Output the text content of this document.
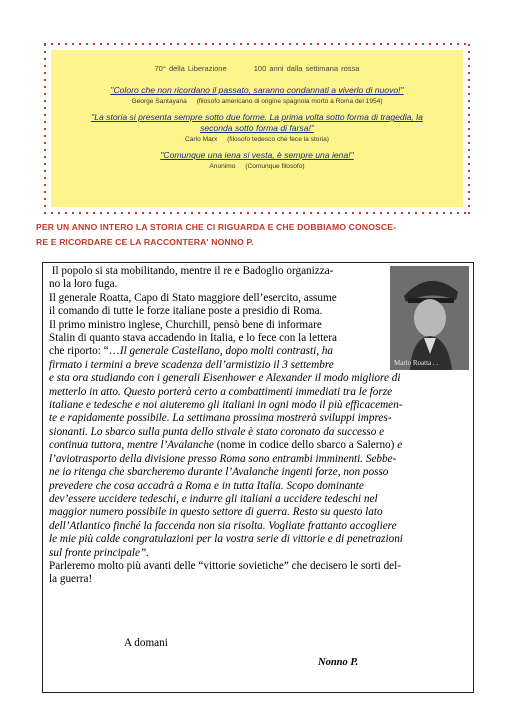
70° della Liberazione	100 anni dalla settimana rossa
"Coloro che non ricordano il passato, saranno condannati a viverlo di nuovo!"
George Santayana (filosofo americano di origine spagnola morto a Roma del 1954)
"La storia si presenta sempre sotto due forme. La prima volta sotto forma di tragedia, la
seconda sotto forma di farsa!"
Carlo Marx (filosofo tedesco che fece la storia)
"Comunque una iena si vesta, è sempre una iena!"
Anonimo (Comunque filosofo)
PER UN ANNO INTERO LA STORIA CHE CI RIGUARDA E CHE DOBBIAMO CONOSCE-
RE E RICORDARE CE LA RACCONTERA' NONNO P.
Mario Roatta . .

Il popolo si sta mobilitando, mentre il re e Badoglio organizza-

no la loro fuga.

Il generale Roatta, Capo di Stato maggiore dell’esercito, assume

il comando di tutte le forze italiane poste a presidio di Roma.

Il primo ministro inglese, Churchill, pensò bene di informare

Stalin di quanto stava accadendo in Italia, e lo fece con la lettera

che riporto: “…Il generale Castellano, dopo molti contrasti, ha

firmato i termini a breve scadenza dell’armistizio il 3 settembre

e sta ora studiando con i generali Eisenhower e Alexander il modo migliore di

metterlo in atto. Questo porterà certo a combattimenti immediati tra le forze

italiane e tedesche e noi aiuteremo gli italiani in ogni modo il più efficacemen-

te e rapidamente possibile. La settimana prossima mostrerà sviluppi impres-

sionanti. Lo sbarco sulla punta dello stivale è stato coronato da successo e

continua tuttora, mentre l’Avalanche (nome in codice dello sbarco a Salerno) e

l’aviotrasporto della divisione presso Roma sono entrambi imminenti. Sebbe-

ne io ritenga che sbarcheremo durante l’Avalanche ingenti forze, non posso

prevedere che cosa accadrà a Roma e in tutta Italia. Scopo dominante

dev’essere uccidere tedeschi, e indurre gli italiani a uccidere tedeschi nel

maggior numero possibile in questo settore di guerra. Resto su questo lato

dell’Atlantico finché la faccenda non sia risolta. Vogliate frattanto accogliere

le mie più calde congratulazioni per la vostra serie di vittorie e di penetrazioni

sul fronte principale”.

Parleremo molto più avanti delle “vittorie sovietiche” che decisero le sorti del-

la guerra!

A domani
Nonno P.
